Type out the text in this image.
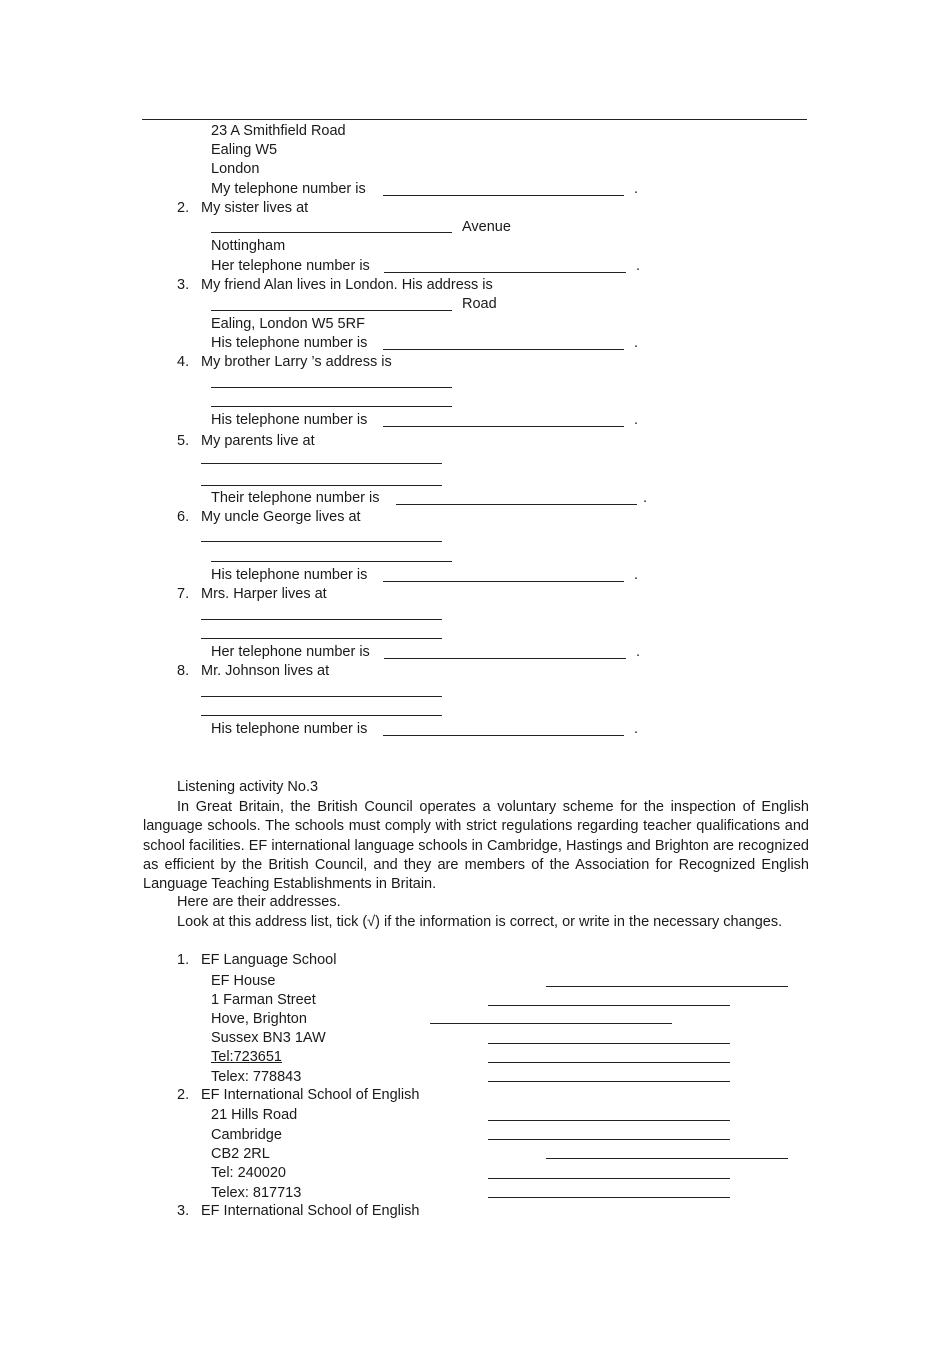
23 A Smithfield Road
Ealing W5
London
My telephone number is	.
2. My sister lives at
Avenue
Nottingham
Her telephone number is	.
3. My friend Alan lives in London. His address is
Road
Ealing, London W5 5RF
His telephone number is	.
4. My brother Larry ’s address is
His telephone number is	.
5. My parents live at
Their telephone number is	.
6. My uncle George lives at
His telephone number is	.
7. Mrs. Harper lives at
Her telephone number is	.
8. Mr. Johnson lives at
His telephone number is	.
Listening activity No.3
In Great Britain, the British Council operates a voluntary scheme for the inspection of English language schools. The schools must comply with strict regulations regarding teacher qualifications and school facilities. EF international language schools in Cambridge, Hastings and Brighton are recognized as efficient by the British Council, and they are members of the Association for Recognized English Language Teaching Establishments in Britain.
Here are their addresses.
Look at this address list, tick (√) if the information is correct, or write in the necessary changes.
1. EF Language School
EF House
1 Farman Street
Hove, Brighton
Sussex BN3 1AW
Tel:723651
Telex: 778843
2. EF International School of English
21 Hills Road
Cambridge
CB2 2RL
Tel: 240020
Telex: 817713
3. EF International School of English
